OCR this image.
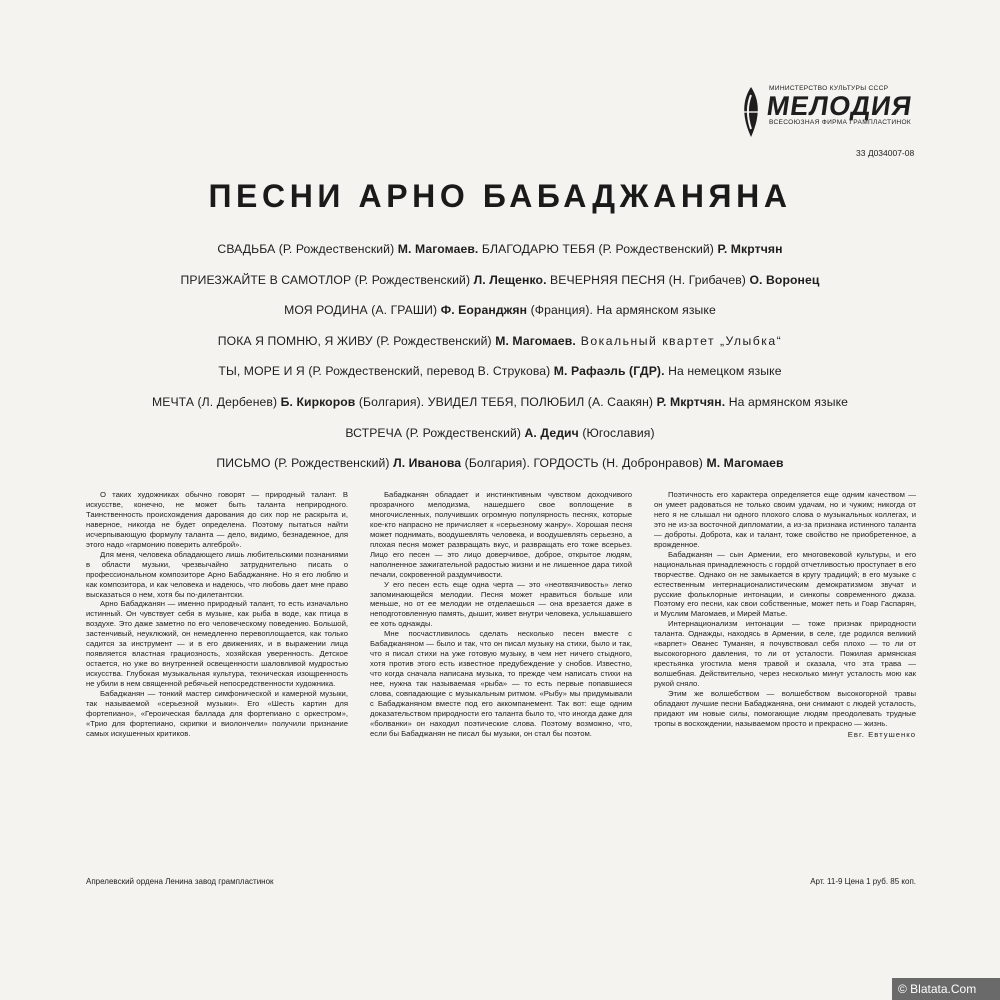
МИНИСТЕРСТВО КУЛЬТУРЫ СССР
МЕЛОДИЯ
ВСЕСОЮЗНАЯ ФИРМА ГРАМПЛАСТИНОК
33 Д034007-08
ПЕСНИ АРНО БАБАДЖАНЯНА
СВАДЬБА (Р. Рождественский) М. Магомаев. БЛАГОДАРЮ ТЕБЯ (Р. Рождественский) Р. Мкртчян
ПРИЕЗЖАЙТЕ В САМОТЛОР (Р. Рождественский) Л. Лещенко. ВЕЧЕРНЯЯ ПЕСНЯ (Н. Грибачев) О. Воронец
МОЯ РОДИНА (А. ГРАШИ) Ф. Еоранджян (Франция). На армянском языке
ПОКА Я ПОМНЮ, Я ЖИВУ (Р. Рождественский) М. Магомаев. Вокальный квартет „Улыбка“
ТЫ, МОРЕ И Я (Р. Рождественский, перевод В. Струкова) М. Рафаэль (ГДР). На немецком языке
МЕЧТА (Л. Дербенев) Б. Киркоров (Болгария). УВИДЕЛ ТЕБЯ, ПОЛЮБИЛ (А. Саакян) Р. Мкртчян. На армянском языке
ВСТРЕЧА (Р. Рождественский) А. Дедич (Югославия)
ПИСЬМО (Р. Рождественский) Л. Иванова (Болгария). ГОРДОСТЬ (Н. Добронравов) М. Магомаев

О таких художниках обычно говорят — природный талант. В искусстве, конечно, не может быть таланта неприродного. Таинственность происхождения дарования до сих пор не раскрыта и, наверное, никогда не будет определена. Поэтому пытаться найти исчерпывающую формулу таланта — дело, видимо, безнадежное, для этого надо «гармонию поверить алгеброй».

Для меня, человека обладающего лишь любительскими познаниями в области музыки, чрезвычайно затруднительно писать о профессиональном композиторе Арно Бабаджаняне. Но я его люблю и как композитора, и как человека и надеюсь, что любовь дает мне право высказаться о нем, хотя бы по-дилетантски.

Арно Бабаджанян — именно природный талант, то есть изначально истинный. Он чувствует себя в музыке, как рыба в воде, как птица в воздухе. Это даже заметно по его человеческому поведению. Большой, застенчивый, неуклюжий, он немедленно перевоплощается, как только садится за инструмент — и в его движениях, и в выражении лица появляется властная грациозность, хозяйская уверенность. Детское остается, но уже во внутренней освещенности шаловливой мудростью искусства. Глубокая музыкальная культура, техническая изощренность не убили в нем священной ребячьей непосредственности художника.

Бабаджанян — тонкий мастер симфонической и камерной музыки, так называемой «серьезной музыки». Его «Шесть картин для фортепиано», «Героическая баллада для фортепиано с оркестром», «Трио для фортепиано, скрипки и виолончели» получили признание самых искушенных критиков.

Бабаджанян обладает и инстинктивным чувством доходчивого прозрачного мелодизма, нашедшего свое воплощение в многочисленных, получивших огромную популярность песнях, которые кое-кто напрасно не причисляет к «серьезному жанру». Хорошая песня может поднимать, воодушевлять человека, и воодушевлять серьезно, а плохая песня может развращать вкус, и развращать его тоже всерьез. Лицо его песен — это лицо доверчивое, доброе, открытое людям, наполненное зажигательной радостью жизни и не лишенное дара тихой печали, сокровенной раздумчивости.

У его песен есть еще одна черта — это «неотвязчивость» легко запоминающейся мелодии. Песня может нравиться больше или меньше, но от ее мелодии не отделаешься — она врезается даже в неподготовленную память, дышит, живет внутри человека, услышавшего ее хоть однажды.

Мне посчастливилось сделать несколько песен вместе с Бабаджаняном — было и так, что он писал музыку на стихи, было и так, что я писал стихи на уже готовую музыку, в чем нет ничего стыдного, хотя против этого есть известное предубеждение у снобов. Известно, что когда сначала написана музыка, то прежде чем написать стихи на нее, нужна так называемая «рыба» — то есть первые попавшиеся слова, совпадающие с музыкальным ритмом. «Рыбу» мы придумывали с Бабаджаняном вместе под его аккомпанемент. Так вот: еще одним доказательством природности его таланта было то, что иногда даже для «болванки» он находил поэтические слова. Поэтому возможно, что, если бы Бабаджанян не писал бы музыки, он стал бы поэтом.

Поэтичность его характера определяется еще одним качеством — он умеет радоваться не только своим удачам, но и чужим; никогда от него я не слышал ни одного плохого слова о музыкальных коллегах, и это не из-за восточной дипломатии, а из-за признака истинного таланта — доброты. Доброта, как и талант, тоже свойство не приобретенное, а врожденное.

Бабаджанян — сын Армении, его многовековой культуры, и его национальная принадлежность с гордой отчетливостью проступает в его творчестве. Однако он не замыкается в кругу традиций; в его музыке с естественным интернационалистическим демократизмом звучат и русские фольклорные интонации, и синкопы современного джаза. Поэтому его песни, как свои собственные, может петь и Гоар Гаспарян, и Муслим Магомаев, и Мирей Матье.

Интернационализм интонации — тоже признак природности таланта. Однажды, находясь в Армении, в селе, где родился великий «варпет» Ованес Туманян, я почувствовал себя плохо — то ли от высокогорного давления, то ли от усталости. Пожилая армянская крестьянка угостила меня травой и сказала, что эта трава — волшебная. Действительно, через несколько минут усталость мою как рукой сняло.

Этим же волшебством — волшебством высокогорной травы обладают лучшие песни Бабаджаняна, они снимают с людей усталость, придают им новые силы, помогающие людям преодолевать трудные тропы в восхождении, называемом просто и прекрасно — жизнь.

Евг. Евтушенко

Апрелевский ордена Ленина завод грампластинок	Арт. 11-9 Цена 1 руб. 85 коп.
© Blatata.Com
